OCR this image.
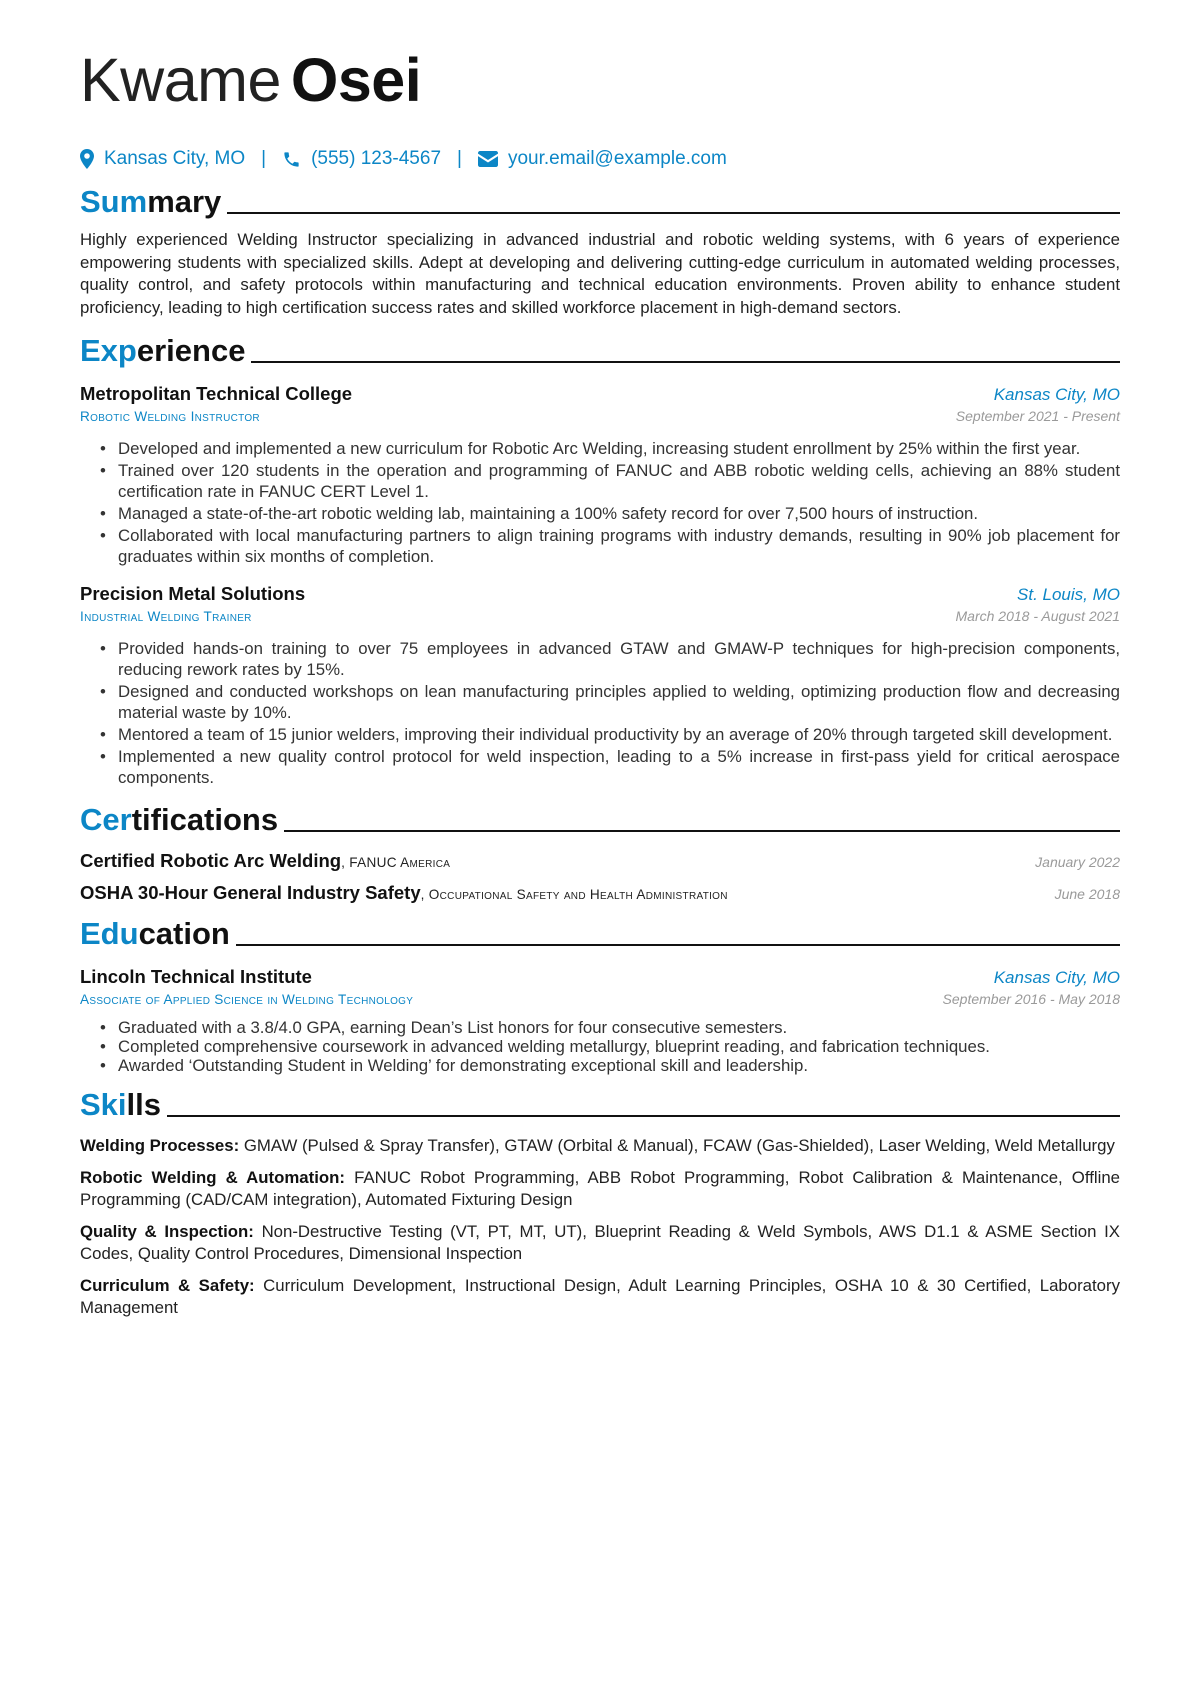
Kwame Osei
Kansas City, MO | (555) 123-4567 | your.email@example.com
Summary

Highly experienced Welding Instructor specializing in advanced industrial and robotic welding systems, with 6 years of experience empowering students with specialized skills. Adept at developing and delivering cutting-edge curriculum in automated welding processes, quality control, and safety protocols within manufacturing and technical education environments. Proven ability to enhance student proficiency, leading to high certification success rates and skilled workforce placement in high-demand sectors.

Experience
Metropolitan Technical College	Kansas City, MO
Robotic Welding Instructor	September 2021 - Present
• Developed and implemented a new curriculum for Robotic Arc Welding, increasing student enrollment by 25% within the first year.
• Trained over 120 students in the operation and programming of FANUC and ABB robotic welding cells, achieving an 88% student certification rate in FANUC CERT Level 1.
• Managed a state-of-the-art robotic welding lab, maintaining a 100% safety record for over 7,500 hours of instruction.
• Collaborated with local manufacturing partners to align training programs with industry demands, resulting in 90% job placement for graduates within six months of completion.
Precision Metal Solutions	St. Louis, MO
Industrial Welding Trainer	March 2018 - August 2021
• Provided hands-on training to over 75 employees in advanced GTAW and GMAW-P techniques for high-precision components, reducing rework rates by 15%.
• Designed and conducted workshops on lean manufacturing principles applied to welding, optimizing production flow and decreasing material waste by 10%.
• Mentored a team of 15 junior welders, improving their individual productivity by an average of 20% through targeted skill development.
• Implemented a new quality control protocol for weld inspection, leading to a 5% increase in first-pass yield for critical aerospace components.
Certifications
Certified Robotic Arc Welding, FANUC America	January 2022
OSHA 30-Hour General Industry Safety, Occupational Safety and Health Administration	June 2018
Education
Lincoln Technical Institute	Kansas City, MO
Associate of Applied Science in Welding Technology	September 2016 - May 2018
• Graduated with a 3.8/4.0 GPA, earning Dean’s List honors for four consecutive semesters.
• Completed comprehensive coursework in advanced welding metallurgy, blueprint reading, and fabrication techniques.
• Awarded ‘Outstanding Student in Welding’ for demonstrating exceptional skill and leadership.
Skills

Welding Processes: GMAW (Pulsed & Spray Transfer), GTAW (Orbital & Manual), FCAW (Gas-Shielded), Laser Welding, Weld Metallurgy

Robotic Welding & Automation: FANUC Robot Programming, ABB Robot Programming, Robot Calibration & Maintenance, Offline Programming (CAD/CAM integration), Automated Fixturing Design

Quality & Inspection: Non-Destructive Testing (VT, PT, MT, UT), Blueprint Reading & Weld Symbols, AWS D1.1 & ASME Section IX Codes, Quality Control Procedures, Dimensional Inspection

Curriculum & Safety: Curriculum Development, Instructional Design, Adult Learning Principles, OSHA 10 & 30 Certified, Laboratory Management
